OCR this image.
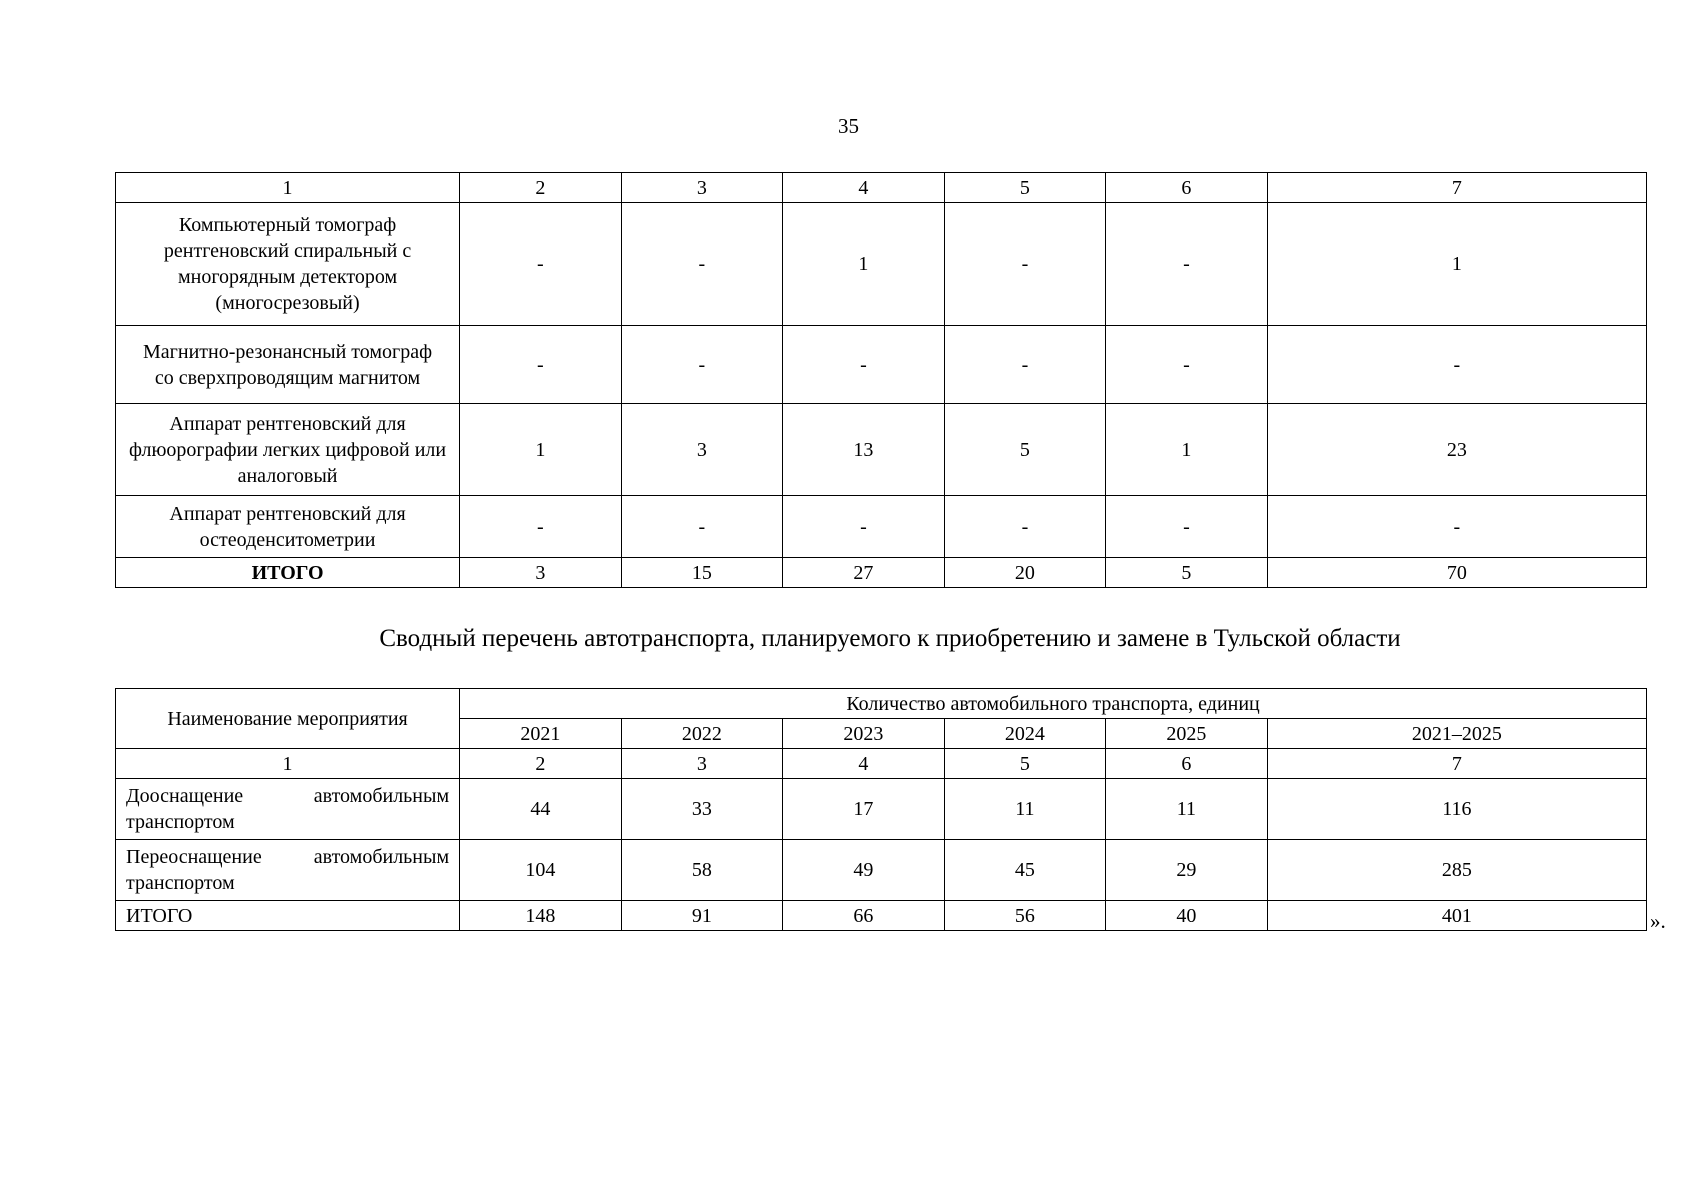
35
1	2	3	4	5	6	7
Компьютерный томограф рентгеновский спиральный с многорядным детектором (многосрезовый)	-	-	1	-	-	1
Магнитно-резонансный томограф со сверхпроводящим магнитом	-	-	-	-	-	-
Аппарат рентгеновский для флюорографии легких цифровой или аналоговый	1	3	13	5	1	23
Аппарат рентгеновский для остеоденситометрии	-	-	-	-	-	-
ИТОГО	3	15	27	20	5	70
Сводный перечень автотранспорта, планируемого к приобретению и замене в Тульской области
Наименование мероприятия	Количество автомобильного транспорта, единиц					
	2021	2022	2023	2024	2025	2021–2025
1	2	3	4	5	6	7
Дооснащение автомобильным транспортом	44	33	17	11	11	116
Переоснащение автомобильным транспортом	104	58	49	45	29	285
ИТОГО	148	91	66	56	40	401	».
